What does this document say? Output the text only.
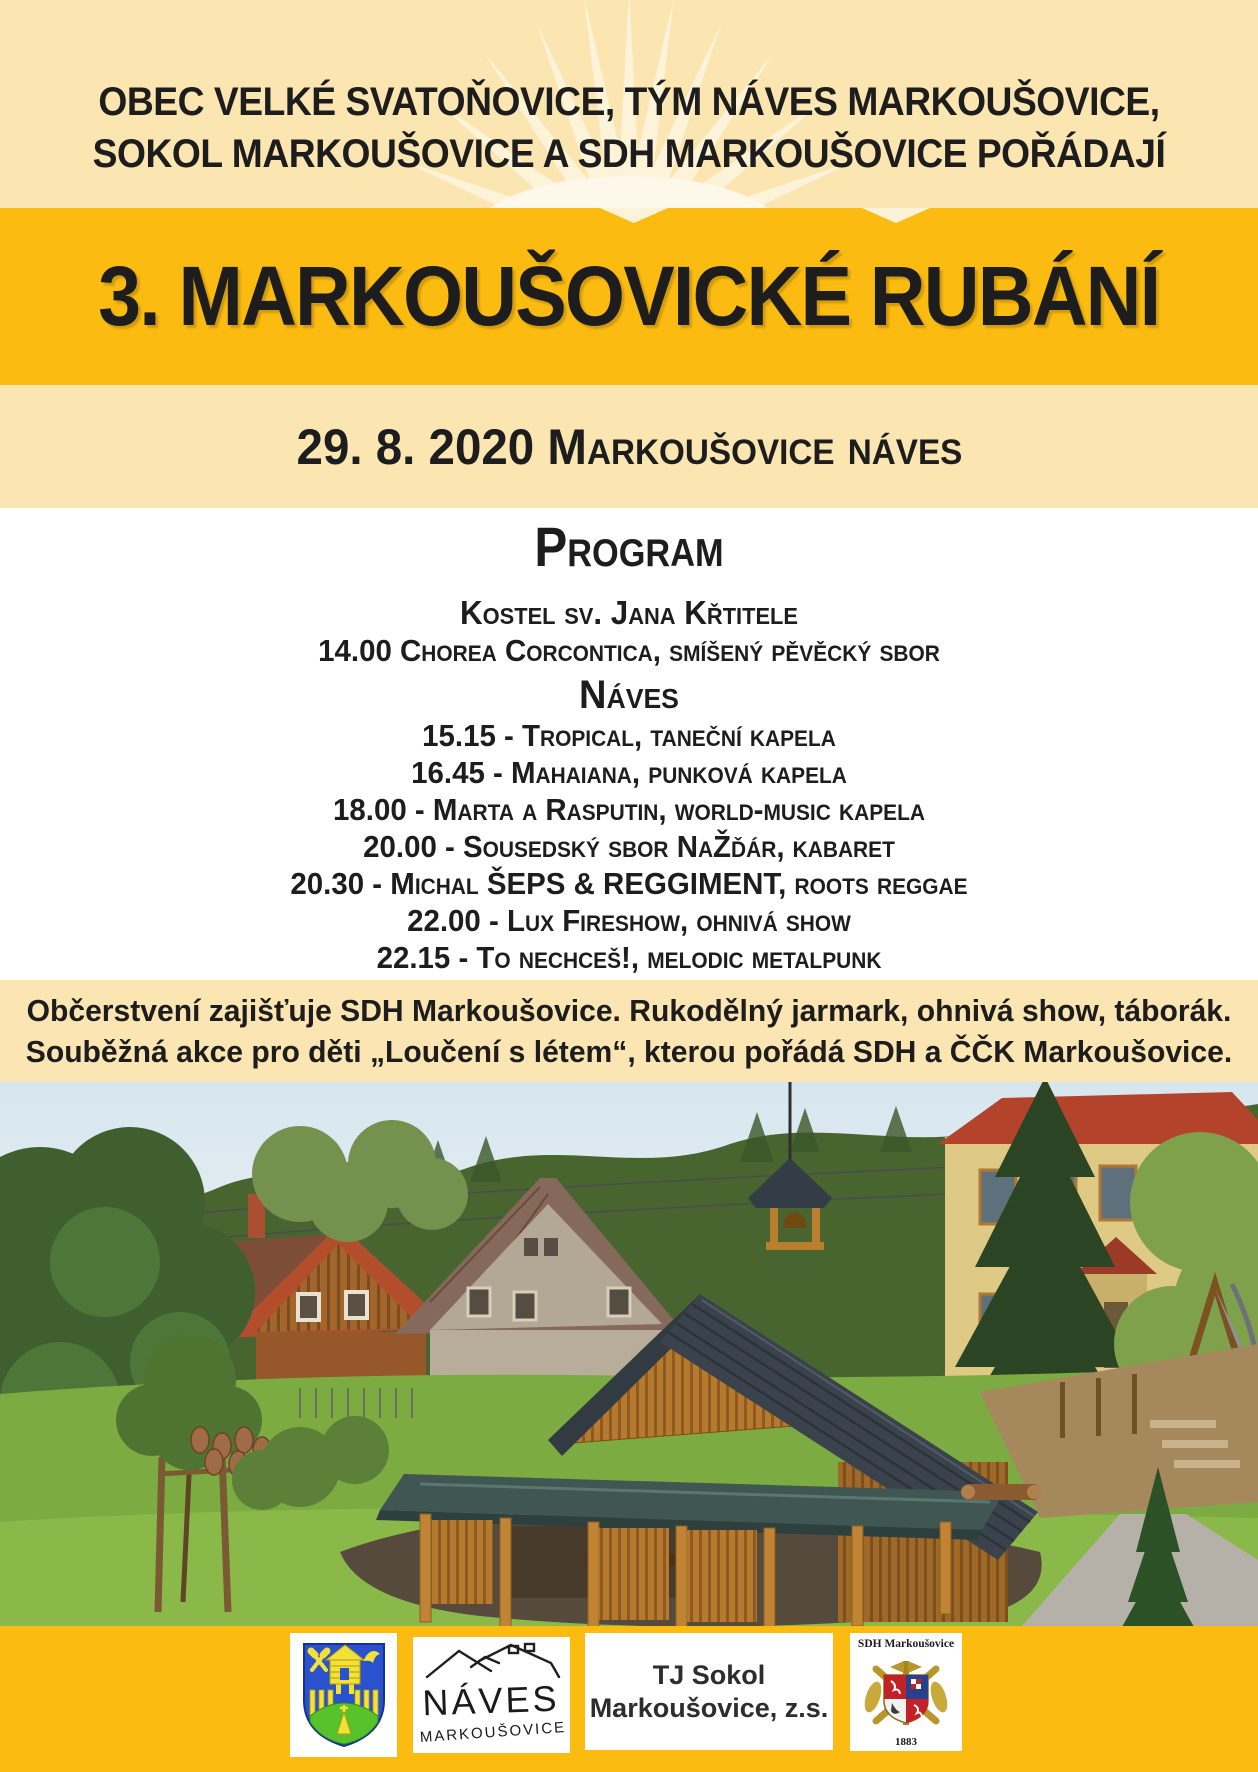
OBEC VELKÉ SVATOŇOVICE, TÝM NÁVES MARKOUŠOVICE,
SOKOL MARKOUŠOVICE A SDH MARKOUŠOVICE POŘÁDAJÍ
3. MARKOUŠOVICKÉ RUBÁNÍ
29. 8. 2020 Markoušovice náves
Program
Kostel sv. Jana Křtitele
14.00 Chorea Corcontica, smíšený pěvěcký sbor
Náves
15.15 - Tropical, taneční kapela
16.45 - Mahaiana, punková kapela
18.00 - Marta a Rasputin, world-music kapela
20.00 - Sousedský sbor NaŽďár, kabaret
20.30 - Michal ŠEPS & REGGIMENT, roots reggae
22.00 - Lux Fireshow, ohnivá show
22.15 - To nechceš!, melodic metalpunk
Občerstvení zajišťuje SDH Markoušovice. Rukodělný jarmark, ohnivá show, táborák.
Souběžná akce pro děti „Loučení s létem“, kterou pořádá SDH a ČČK Markoušovice.
NÁVES
MARKOUŠOVICE
TJ Sokol
Markoušovice, z.s.
SDH Markoušovice
1883
